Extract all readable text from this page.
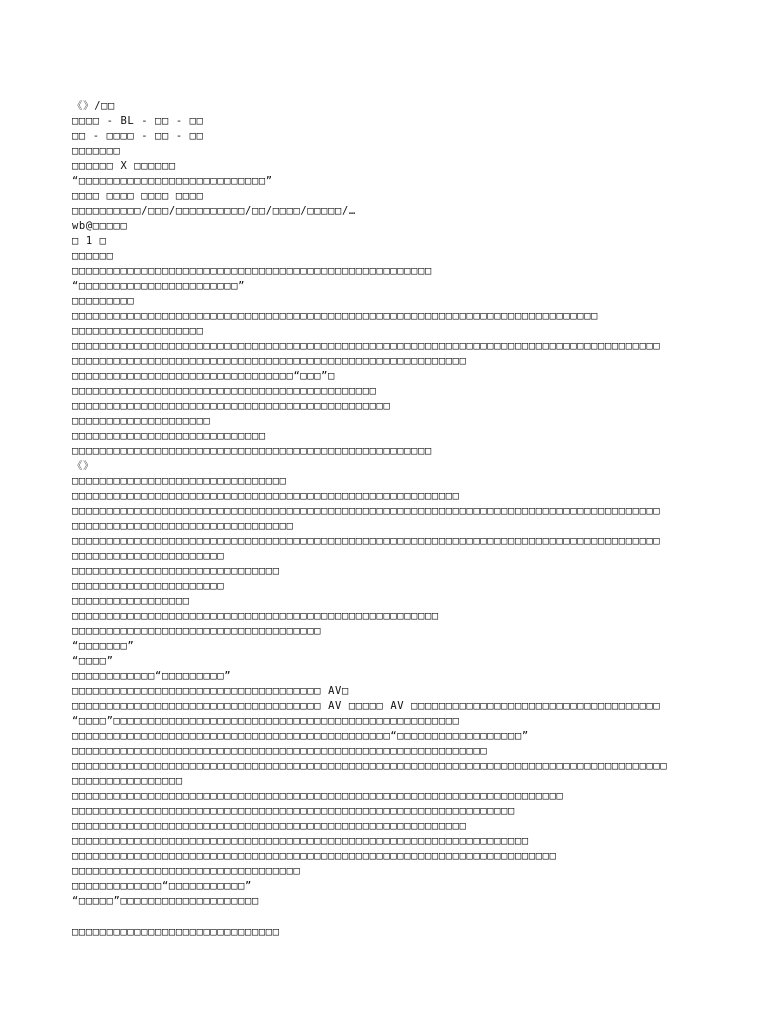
《》/□□
□□□□ - BL - □□ - □□
□□ - □□□□ - □□ - □□
□□□□□□□
□□□□□□ X □□□□□□
“□□□□□□□□□□□□□□□□□□□□□□□□□□□”
□□□□ □□□□ □□□□ □□□□
□□□□□□□□□□/□□□/□□□□□□□□□□/□□/□□□□/□□□□□/…
wb@□□□□□
□ 1 □
□□□□□□
□□□□□□□□□□□□□□□□□□□□□□□□□□□□□□□□□□□□□□□□□□□□□□□□□□□□
“□□□□□□□□□□□□□□□□□□□□□□□”
□□□□□□□□□
□□□□□□□□□□□□□□□□□□□□□□□□□□□□□□□□□□□□□□□□□□□□□□□□□□□□□□□□□□□□□□□□□□□□□□□□□□□□
□□□□□□□□□□□□□□□□□□□
□□□□□□□□□□□□□□□□□□□□□□□□□□□□□□□□□□□□□□□□□□□□□□□□□□□□□□□□□□□□□□□□□□□□□□□□□□□□□□□□□□□□□
□□□□□□□□□□□□□□□□□□□□□□□□□□□□□□□□□□□□□□□□□□□□□□□□□□□□□□□□□
□□□□□□□□□□□□□□□□□□□□□□□□□□□□□□□□“□□□”□
□□□□□□□□□□□□□□□□□□□□□□□□□□□□□□□□□□□□□□□□□□□□
□□□□□□□□□□□□□□□□□□□□□□□□□□□□□□□□□□□□□□□□□□□□□□
□□□□□□□□□□□□□□□□□□□□
□□□□□□□□□□□□□□□□□□□□□□□□□□□□
□□□□□□□□□□□□□□□□□□□□□□□□□□□□□□□□□□□□□□□□□□□□□□□□□□□□
《》
□□□□□□□□□□□□□□□□□□□□□□□□□□□□□□□
□□□□□□□□□□□□□□□□□□□□□□□□□□□□□□□□□□□□□□□□□□□□□□□□□□□□□□□□
□□□□□□□□□□□□□□□□□□□□□□□□□□□□□□□□□□□□□□□□□□□□□□□□□□□□□□□□□□□□□□□□□□□□□□□□□□□□□□□□□□□□□
□□□□□□□□□□□□□□□□□□□□□□□□□□□□□□□□
□□□□□□□□□□□□□□□□□□□□□□□□□□□□□□□□□□□□□□□□□□□□□□□□□□□□□□□□□□□□□□□□□□□□□□□□□□□□□□□□□□□□□
□□□□□□□□□□□□□□□□□□□□□□
□□□□□□□□□□□□□□□□□□□□□□□□□□□□□□
□□□□□□□□□□□□□□□□□□□□□□
□□□□□□□□□□□□□□□□□
□□□□□□□□□□□□□□□□□□□□□□□□□□□□□□□□□□□□□□□□□□□□□□□□□□□□□
□□□□□□□□□□□□□□□□□□□□□□□□□□□□□□□□□□□□
“□□□□□□□”
“□□□□”
□□□□□□□□□□□□“□□□□□□□□□”
□□□□□□□□□□□□□□□□□□□□□□□□□□□□□□□□□□□□ AV□
□□□□□□□□□□□□□□□□□□□□□□□□□□□□□□□□□□□□ AV □□□□□ AV □□□□□□□□□□□□□□□□□□□□□□□□□□□□□□□□□□□□
“□□□□”□□□□□□□□□□□□□□□□□□□□□□□□□□□□□□□□□□□□□□□□□□□□□□□□□□
□□□□□□□□□□□□□□□□□□□□□□□□□□□□□□□□□□□□□□□□□□□□□□“□□□□□□□□□□□□□□□□□□”
□□□□□□□□□□□□□□□□□□□□□□□□□□□□□□□□□□□□□□□□□□□□□□□□□□□□□□□□□□□□
□□□□□□□□□□□□□□□□□□□□□□□□□□□□□□□□□□□□□□□□□□□□□□□□□□□□□□□□□□□□□□□□□□□□□□□□□□□□□□□□□□□□□□
□□□□□□□□□□□□□□□□
□□□□□□□□□□□□□□□□□□□□□□□□□□□□□□□□□□□□□□□□□□□□□□□□□□□□□□□□□□□□□□□□□□□□□□□
□□□□□□□□□□□□□□□□□□□□□□□□□□□□□□□□□□□□□□□□□□□□□□□□□□□□□□□□□□□□□□□□
□□□□□□□□□□□□□□□□□□□□□□□□□□□□□□□□□□□□□□□□□□□□□□□□□□□□□□□□□
□□□□□□□□□□□□□□□□□□□□□□□□□□□□□□□□□□□□□□□□□□□□□□□□□□□□□□□□□□□□□□□□□□
□□□□□□□□□□□□□□□□□□□□□□□□□□□□□□□□□□□□□□□□□□□□□□□□□□□□□□□□□□□□□□□□□□□□□□
□□□□□□□□□□□□□□□□□□□□□□□□□□□□□□□□□
□□□□□□□□□□□□□“□□□□□□□□□□□”
“□□□□□”□□□□□□□□□□□□□□□□□□□□
□□□□□□□□□□□□□□□□□□□□□□□□□□□□□□
